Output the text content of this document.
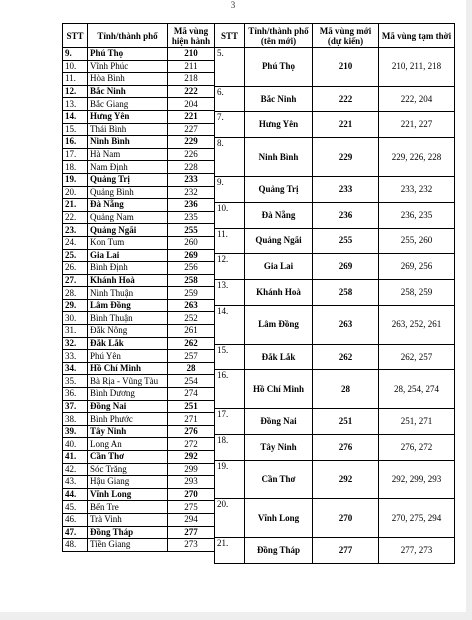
3
STT	Tỉnh/thành phố	Mã vùng hiện hành
9.	Phú Thọ	210
10.	Vĩnh Phúc	211
11.	Hòa Bình	218
12.	Bắc Ninh	222
13.	Bắc Giang	204
14.	Hưng Yên	221
15.	Thái Bình	227
16.	Ninh Bình	229
17.	Hà Nam	226
18.	Nam Định	228
19.	Quảng Trị	233
20.	Quảng Bình	232
21.	Đà Nẵng	236
22.	Quảng Nam	235
23.	Quảng Ngãi	255
24.	Kon Tum	260
25.	Gia Lai	269
26.	Bình Định	256
27.	Khánh Hoà	258
28.	Ninh Thuận	259
29.	Lâm Đồng	263
30.	Bình Thuận	252
31.	Đắk Nông	261
32.	Đắk Lắk	262
33.	Phú Yên	257
34.	Hồ Chí Minh	28
35.	Bà Rịa - Vũng Tàu	254
36.	Bình Dương	274
37.	Đồng Nai	251
38.	Bình Phước	271
39.	Tây Ninh	276
40.	Long An	272
41.	Cần Thơ	292
42.	Sóc Trăng	299
43.	Hậu Giang	293
44.	Vĩnh Long	270
45.	Bến Tre	275
46.	Trà Vinh	294
47.	Đồng Tháp	277
48.	Tiền Giang	273
STT	Tỉnh/thành phố (tên mới)	Mã vùng mới (dự kiến)	Mã vùng tạm thời
5.	Phú Thọ	210	210, 211, 218
6.	Bắc Ninh	222	222, 204
7.	Hưng Yên	221	221, 227
8.	Ninh Bình	229	229, 226, 228
9.	Quảng Trị	233	233, 232
10.	Đà Nẵng	236	236, 235
11.	Quảng Ngãi	255	255, 260
12.	Gia Lai	269	269, 256
13.	Khánh Hoà	258	258, 259
14.	Lâm Đồng	263	263, 252, 261
15.	Đắk Lắk	262	262, 257
16.	Hồ Chí Minh	28	28, 254, 274
17.	Đồng Nai	251	251, 271
18.	Tây Ninh	276	276, 272
19.	Cần Thơ	292	292, 299, 293
20.	Vĩnh Long	270	270, 275, 294
21.	Đồng Tháp	277	277, 273
